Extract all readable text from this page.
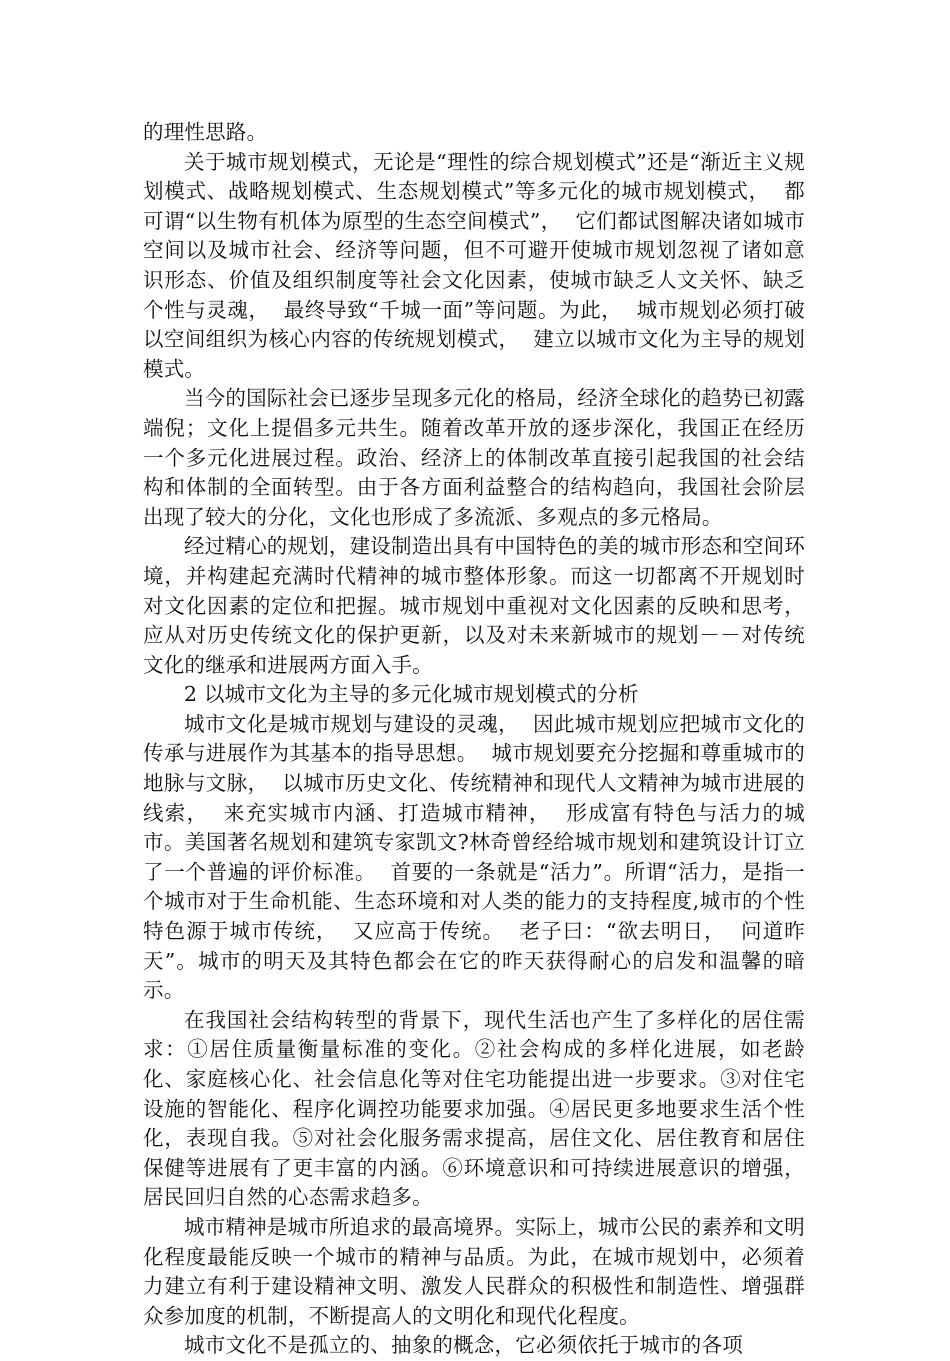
的理性思路。

关于城市规划模式，无论是“理性的综合规划模式”还是“渐近主义规划模式、战略规划模式、生态规划模式”等多元化的城市规划模式，  都可谓“以生物有机体为原型的生态空间模式”，  它们都试图解决诸如城市空间以及城市社会、经济等问题，但不可避开使城市规划忽视了诸如意识形态、价值及组织制度等社会文化因素，使城市缺乏人文关怀、缺乏个性与灵魂，  最终导致“千城一面”等问题。为此，  城市规划必须打破以空间组织为核心内容的传统规划模式，  建立以城市文化为主导的规划模式。

当今的国际社会已逐步呈现多元化的格局，经济全球化的趋势已初露端倪；文化上提倡多元共生。随着改革开放的逐步深化，我国正在经历一个多元化进展过程。政治、经济上的体制改革直接引起我国的社会结构和体制的全面转型。由于各方面利益整合的结构趋向，我国社会阶层出现了较大的分化，文化也形成了多流派、多观点的多元格局。

经过精心的规划，建设制造出具有中国特色的美的城市形态和空间环境，并构建起充满时代精神的城市整体形象。而这一切都离不开规划时对文化因素的定位和把握。城市规划中重视对文化因素的反映和思考，应从对历史传统文化的保护更新，以及对未来新城市的规划－－对传统文化的继承和进展两方面入手。

2 以城市文化为主导的多元化城市规划模式的分析

城市文化是城市规划与建设的灵魂，  因此城市规划应把城市文化的传承与进展作为其基本的指导思想。  城市规划要充分挖掘和尊重城市的地脉与文脉，  以城市历史文化、传统精神和现代人文精神为城市进展的线索，  来充实城市内涵、打造城市精神，  形成富有特色与活力的城市。美国著名规划和建筑专家凯文?林奇曾经给城市规划和建筑设计订立了一个普遍的评价标准。  首要的一条就是“活力”。所谓“活力，是指一个城市对于生命机能、生态环境和对人类的能力的支持程度,城市的个性特色源于城市传统，  又应高于传统。  老子曰：“欲去明日，  问道昨天”。城市的明天及其特色都会在它的昨天获得耐心的启发和温馨的暗示。

在我国社会结构转型的背景下，现代生活也产生了多样化的居住需求：①居住质量衡量标准的变化。②社会构成的多样化进展，如老龄化、家庭核心化、社会信息化等对住宅功能提出进一步要求。③对住宅设施的智能化、程序化调控功能要求加强。④居民更多地要求生活个性化，表现自我。⑤对社会化服务需求提高，居住文化、居住教育和居住保健等进展有了更丰富的内涵。⑥环境意识和可持续进展意识的增强，居民回归自然的心态需求趋多。

城市精神是城市所追求的最高境界。实际上，城市公民的素养和文明化程度最能反映一个城市的精神与品质。为此，在城市规划中，必须着力建立有利于建设精神文明、激发人民群众的积极性和制造性、增强群众参加度的机制，不断提高人的文明化和现代化程度。

城市文化不是孤立的、抽象的概念，它必须依托于城市的各项
